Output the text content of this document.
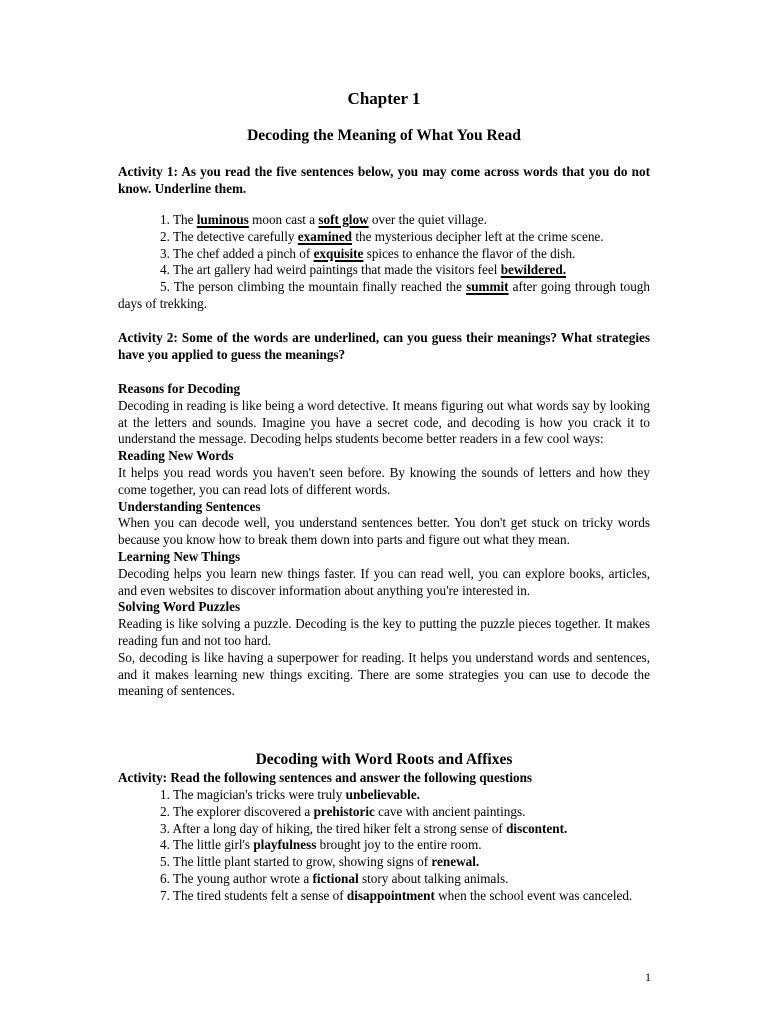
Chapter 1
Decoding the Meaning of What You Read
Activity 1: As you read the five sentences below, you may come across words that you do not know. Underline them.

1. The luminous moon cast a soft glow over the quiet village.

2. The detective carefully examined the mysterious decipher left at the crime scene.

3. The chef added a pinch of exquisite spices to enhance the flavor of the dish.

4. The art gallery had weird paintings that made the visitors feel bewildered.

5. The person climbing the mountain finally reached the summit after going through tough days of trekking.

Activity 2: Some of the words are underlined, can you guess their meanings? What strategies have you applied to guess the meanings?

Reasons for Decoding

Decoding in reading is like being a word detective. It means figuring out what words say by looking at the letters and sounds. Imagine you have a secret code, and decoding is how you crack it to understand the message. Decoding helps students become better readers in a few cool ways:

Reading New Words

It helps you read words you haven't seen before. By knowing the sounds of letters and how they come together, you can read lots of different words.

Understanding Sentences

When you can decode well, you understand sentences better. You don't get stuck on tricky words because you know how to break them down into parts and figure out what they mean.

Learning New Things

Decoding helps you learn new things faster. If you can read well, you can explore books, articles, and even websites to discover information about anything you're interested in.

Solving Word Puzzles

Reading is like solving a puzzle. Decoding is the key to putting the puzzle pieces together. It makes reading fun and not too hard.

So, decoding is like having a superpower for reading. It helps you understand words and sentences, and it makes learning new things exciting. There are some strategies you can use to decode the meaning of sentences.

Decoding with Word Roots and Affixes
Activity: Read the following sentences and answer the following questions

1. The magician's tricks were truly unbelievable.

2. The explorer discovered a prehistoric cave with ancient paintings.

3. After a long day of hiking, the tired hiker felt a strong sense of discontent.

4. The little girl's playfulness brought joy to the entire room.

5. The little plant started to grow, showing signs of renewal.

6. The young author wrote a fictional story about talking animals.

7. The tired students felt a sense of disappointment when the school event was canceled.

1
